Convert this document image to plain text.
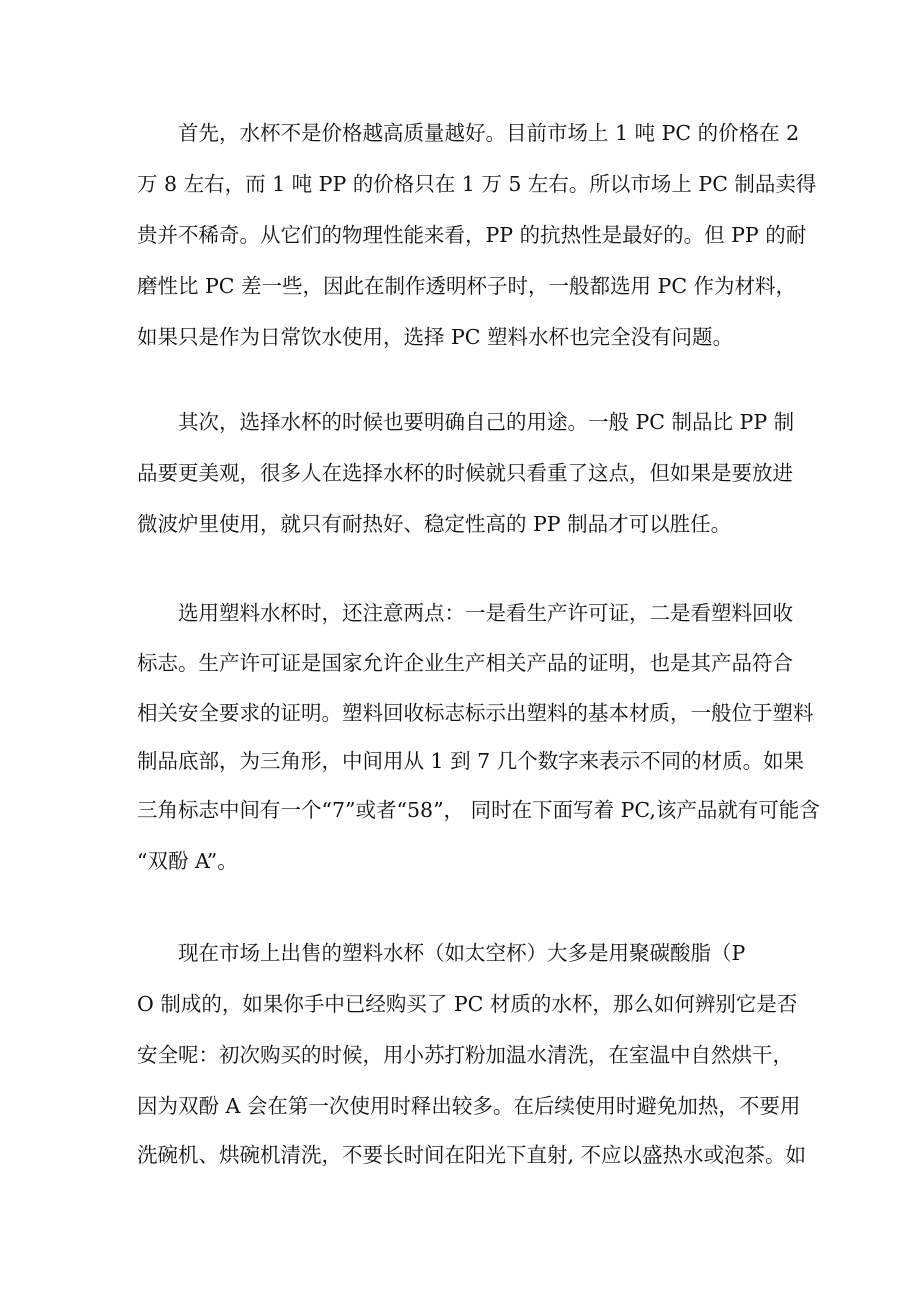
首先，水杯不是价格越高质量越好。目前市场上 1 吨 PC 的价格在 2

万 8 左右，而 1 吨 PP 的价格只在 1 万 5 左右。所以市场上 PC 制品卖得

贵并不稀奇。从它们的物理性能来看，PP 的抗热性是最好的。但 PP 的耐

磨性比 PC 差一些，因此在制作透明杯子时，一般都选用 PC 作为材料，

如果只是作为日常饮水使用，选择 PC 塑料水杯也完全没有问题。

其次，选择水杯的时候也要明确自己的用途。一般 PC 制品比 PP 制

品要更美观，很多人在选择水杯的时候就只看重了这点，但如果是要放进

微波炉里使用，就只有耐热好、稳定性高的 PP 制品才可以胜任。

选用塑料水杯时，还注意两点：一是看生产许可证，二是看塑料回收

标志。生产许可证是国家允许企业生产相关产品的证明，也是其产品符合

相关安全要求的证明。塑料回收标志标示出塑料的基本材质，一般位于塑料

制品底部，为三角形，中间用从 1 到 7 几个数字来表示不同的材质。如果

三角标志中间有一个“7”或者“58”， 同时在下面写着 PC,该产品就有可能含

“双酚 A”。

现在市场上出售的塑料水杯（如太空杯）大多是用聚碳酸脂（P

O 制成的，如果你手中已经购买了 PC 材质的水杯，那么如何辨别它是否

安全呢：初次购买的时候，用小苏打粉加温水清洗，在室温中自然烘干，

因为双酚 A 会在第一次使用时释出较多。在后续使用时避免加热，不要用

洗碗机、烘碗机清洗，不要长时间在阳光下直射, 不应以盛热水或泡茶。如
